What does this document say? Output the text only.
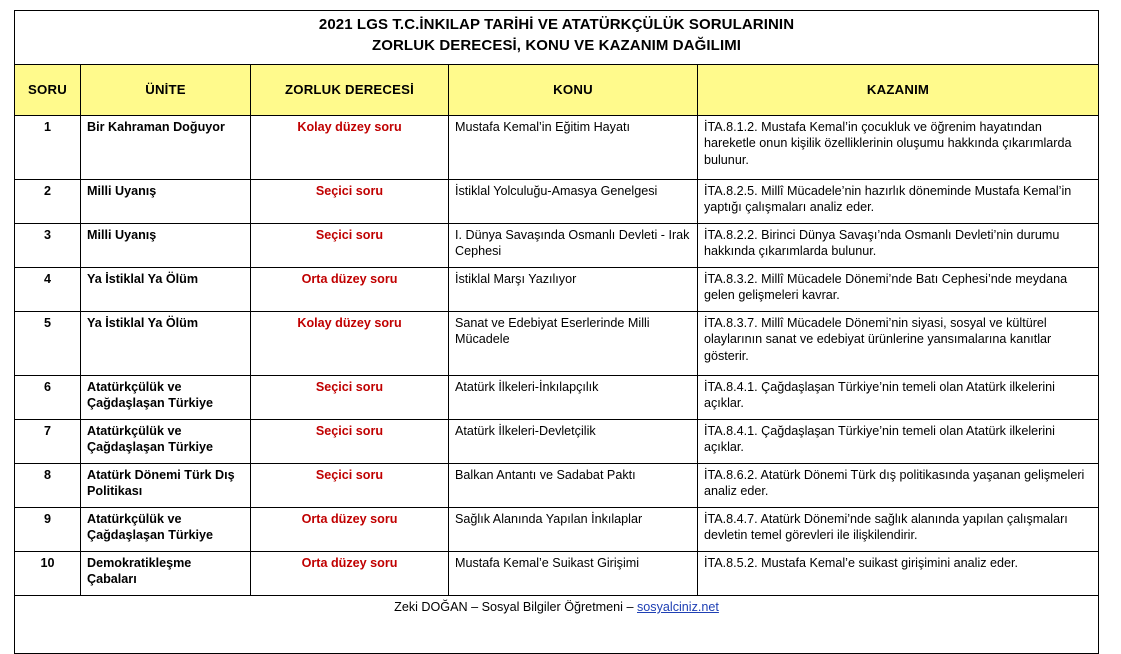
2021 LGS T.C.İNKILAP TARİHİ VE ATATÜRKÇÜLÜK SORULARININ
ZORLUK DERECESİ, KONU VE KAZANIM DAĞILIMI				

SORU	ÜNİTE	ZORLUK DERECESİ	KONU	KAZANIM
1	Bir Kahraman Doğuyor	Kolay düzey soru	Mustafa Kemal’in Eğitim Hayatı	İTA.8.1.2. Mustafa Kemal’in çocukluk ve öğrenim hayatından hareketle onun kişilik özelliklerinin oluşumu hakkında çıkarımlarda bulunur.
2	Milli Uyanış	Seçici soru	İstiklal Yolculuğu-Amasya Genelgesi	İTA.8.2.5. Millî Mücadele’nin hazırlık döneminde Mustafa Kemal’in yaptığı çalışmaları analiz eder.
3	Milli Uyanış	Seçici soru	I. Dünya Savaşında Osmanlı Devleti - Irak Cephesi	İTA.8.2.2. Birinci Dünya Savaşı’nda Osmanlı Devleti’nin durumu hakkında çıkarımlarda bulunur.
4	Ya İstiklal Ya Ölüm	Orta düzey soru	İstiklal Marşı Yazılıyor	İTA.8.3.2. Millî Mücadele Dönemi’nde Batı Cephesi’nde meydana gelen gelişmeleri kavrar.
5	Ya İstiklal Ya Ölüm	Kolay düzey soru	Sanat ve Edebiyat Eserlerinde Milli Mücadele	İTA.8.3.7. Millî Mücadele Dönemi’nin siyasi, sosyal ve kültürel olaylarının sanat ve edebiyat ürünlerine yansımalarına kanıtlar gösterir.
6	Atatürkçülük ve Çağdaşlaşan Türkiye	Seçici soru	Atatürk İlkeleri-İnkılapçılık	İTA.8.4.1. Çağdaşlaşan Türkiye’nin temeli olan Atatürk ilkelerini açıklar.
7	Atatürkçülük ve Çağdaşlaşan Türkiye	Seçici soru	Atatürk İlkeleri-Devletçilik	İTA.8.4.1. Çağdaşlaşan Türkiye’nin temeli olan Atatürk ilkelerini açıklar.
8	Atatürk Dönemi Türk Dış Politikası	Seçici soru	Balkan Antantı ve Sadabat Paktı	İTA.8.6.2. Atatürk Dönemi Türk dış politikasında yaşanan gelişmeleri analiz eder.
9	Atatürkçülük ve Çağdaşlaşan Türkiye	Orta düzey soru	Sağlık Alanında Yapılan İnkılaplar	İTA.8.4.7. Atatürk Dönemi’nde sağlık alanında yapılan çalışmaları devletin temel görevleri ile ilişkilendirir.
10	Demokratikleşme Çabaları	Orta düzey soru	Mustafa Kemal’e Suikast Girişimi	İTA.8.5.2. Mustafa Kemal’e suikast girişimini analiz eder.
Zeki DOĞAN – Sosyal Bilgiler Öğretmeni – sosyalciniz.net				
